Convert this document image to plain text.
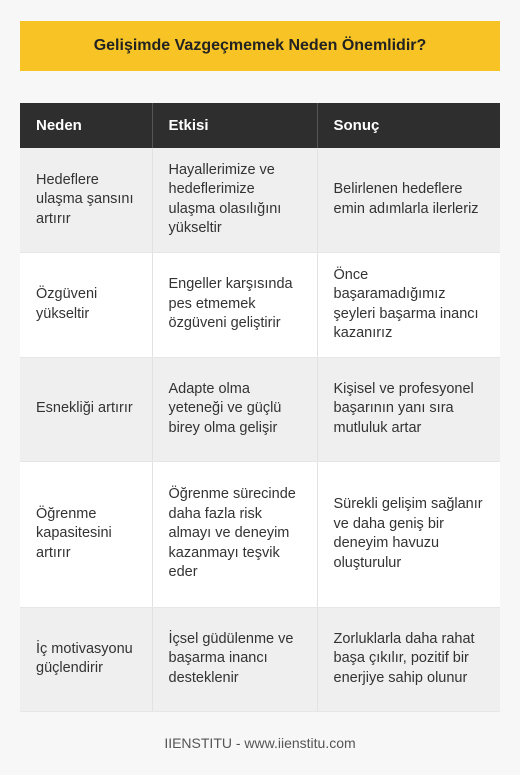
Gelişimde Vazgeçmemek Neden Önemlidir?
Neden	Etkisi	Sonuç
Hedeflere ulaşma şansını artırır	Hayallerimize ve hedeflerimize ulaşma olasılığını yükseltir	Belirlenen hedeflere emin adımlarla ilerleriz
Özgüveni yükseltir	Engeller karşısında pes etmemek özgüveni geliştirir	Önce başaramadığımız şeyleri başarma inancı kazanırız
Esnekliği artırır	Adapte olma yeteneği ve güçlü birey olma gelişir	Kişisel ve profesyonel başarının yanı sıra mutluluk artar
Öğrenme kapasitesini artırır	Öğrenme sürecinde daha fazla risk almayı ve deneyim kazanmayı teşvik eder	Sürekli gelişim sağlanır ve daha geniş bir deneyim havuzu oluşturulur
İç motivasyonu güçlendirir	İçsel güdülenme ve başarma inancı desteklenir	Zorluklarla daha rahat başa çıkılır, pozitif bir enerjiye sahip olunur
IIENSTITU - www.iienstitu.com
